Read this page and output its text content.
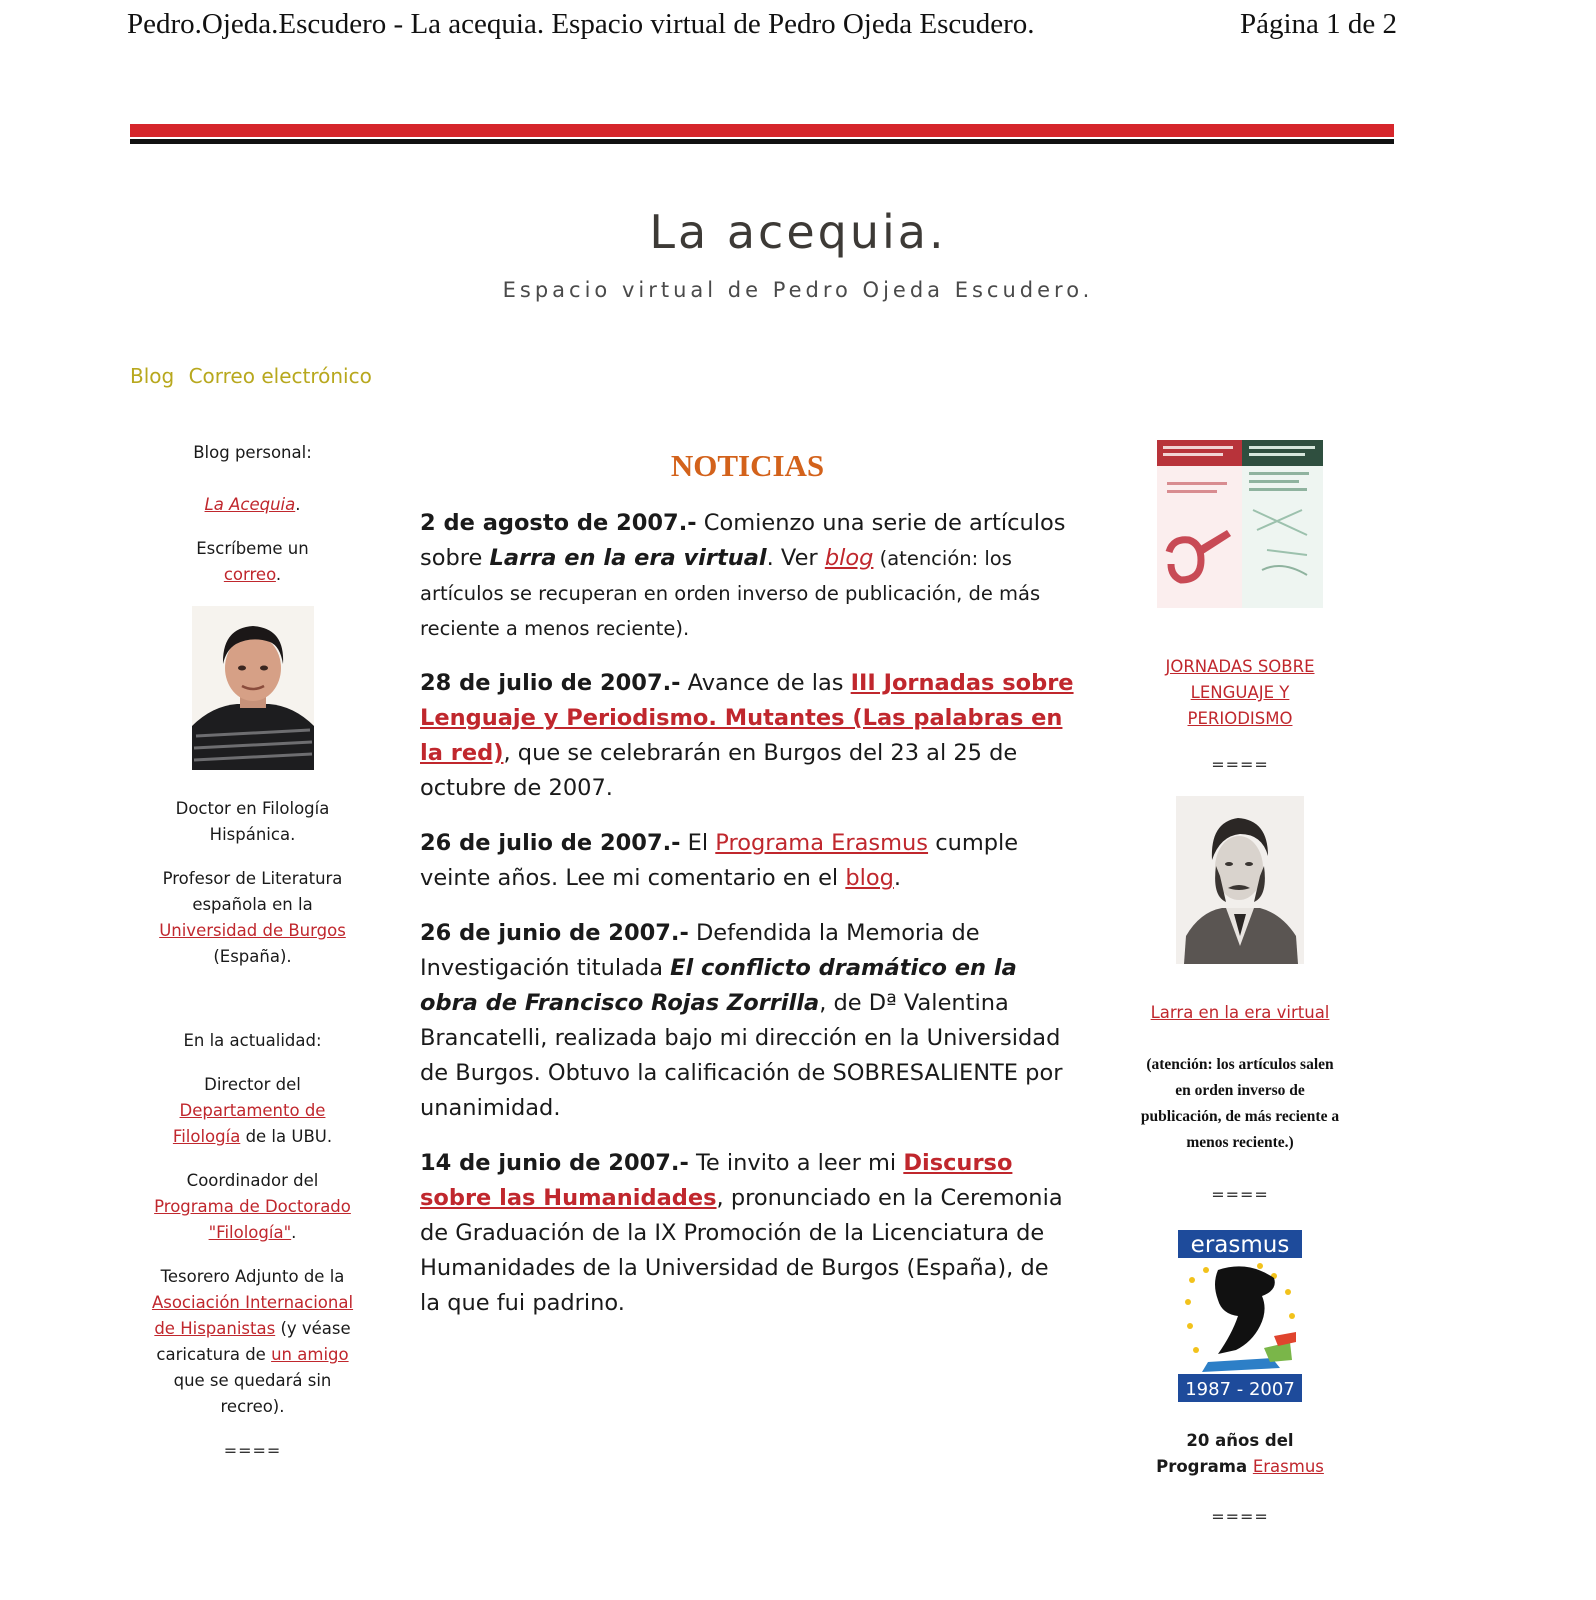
Pedro.Ojeda.Escudero - La acequia. Espacio virtual de Pedro Ojeda Escudero.	Página 1 de 2
La acequia.
Espacio virtual de Pedro Ojeda Escudero.
Blog Correo electrónico

Blog personal:

La Acequia.

Escríbeme un
correo.

Doctor en Filología Hispánica.

Profesor de Literatura española en la Universidad de Burgos (España).

En la actualidad:

Director del Departamento de Filología de la UBU.

Coordinador del Programa de Doctorado "Filología".

Tesorero Adjunto de la Asociación Internacional de Hispanistas (y véase caricatura de un amigo que se quedará sin recreo).

====

NOTICIAS

2 de agosto de 2007.- Comienzo una serie de artículos sobre Larra en la era virtual. Ver blog (atención: los artículos se recuperan en orden inverso de publicación, de más reciente a menos reciente).

28 de julio de 2007.- Avance de las III Jornadas sobre Lenguaje y Periodismo. Mutantes (Las palabras en la red), que se celebrarán en Burgos del 23 al 25 de octubre de 2007.

26 de julio de 2007.- El Programa Erasmus cumple veinte años. Lee mi comentario en el blog.

26 de junio de 2007.- Defendida la Memoria de Investigación titulada El conflicto dramático en la obra de Francisco Rojas Zorrilla, de Dª Valentina Brancatelli, realizada bajo mi dirección en la Universidad de Burgos. Obtuvo la calificación de SOBRESALIENTE por unanimidad.

14 de junio de 2007.- Te invito a leer mi Discurso sobre las Humanidades, pronunciado en la Ceremonia de Graduación de la IX Promoción de la Licenciatura de Humanidades de la Universidad de Burgos (España), de la que fui padrino.

JORNADAS SOBRE LENGUAJE Y PERIODISMO

====

Larra en la era virtual

(atención: los artículos salen en orden inverso de publicación, de más reciente a menos reciente.)

====

erasmus
1987 - 2007

20 años del Programa Erasmus

====
